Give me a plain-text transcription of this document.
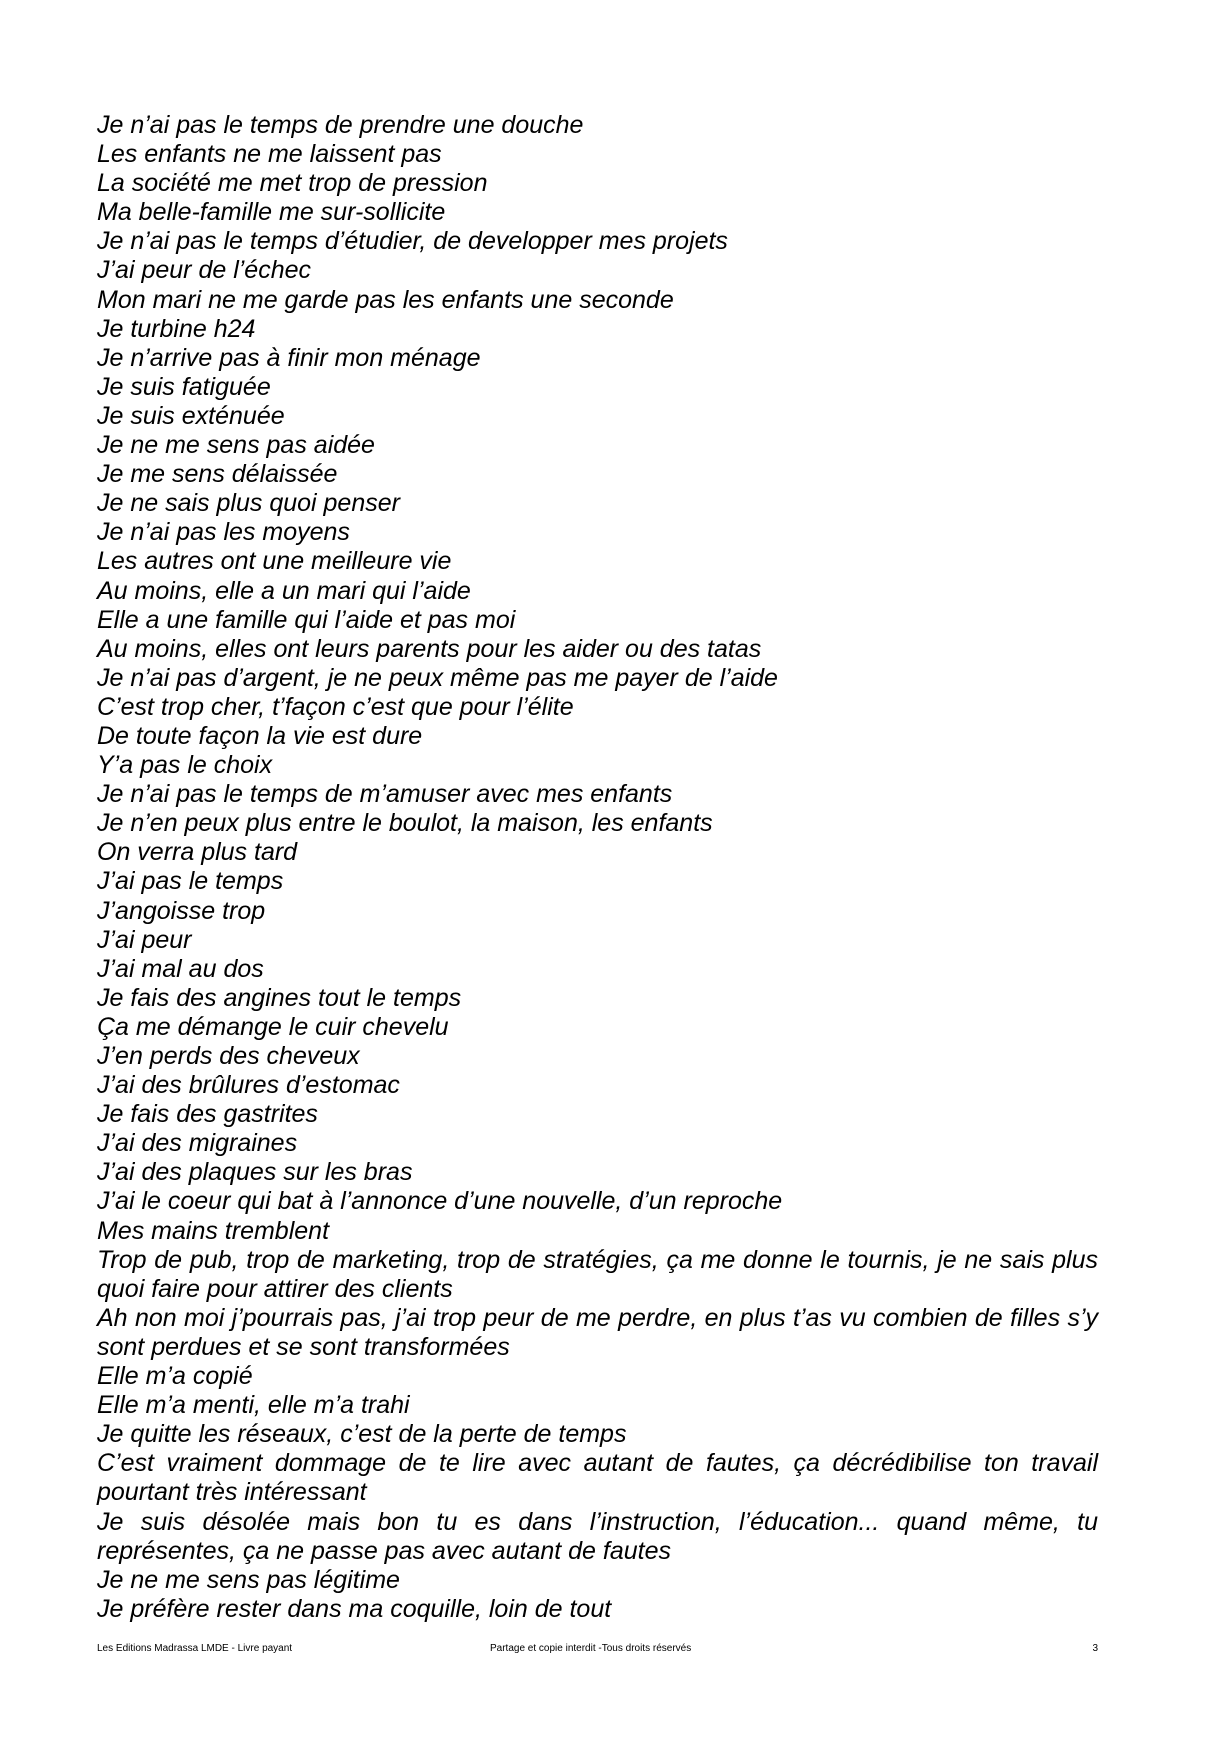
Je n’ai pas le temps de prendre une douche

Les enfants ne me laissent pas

La société me met trop de pression

Ma belle-famille me sur-sollicite

Je n’ai pas le temps d’étudier, de developper mes projets

J’ai peur de l’échec

Mon mari ne me garde pas les enfants une seconde

Je turbine h24

Je n’arrive pas à finir mon ménage

Je suis fatiguée

Je suis exténuée

Je ne me sens pas aidée

Je me sens délaissée

Je ne sais plus quoi penser

Je n’ai pas les moyens

Les autres ont une meilleure vie

Au moins, elle a un mari qui l’aide

Elle a une famille qui l’aide et pas moi

Au moins, elles ont leurs parents pour les aider ou des tatas

Je n’ai pas d’argent, je ne peux même pas me payer de l’aide

C’est trop cher, t’façon c’est que pour l’élite

De toute façon la vie est dure

Y’a pas le choix

Je n’ai pas le temps de m’amuser avec mes enfants

Je n’en peux plus entre le boulot, la maison, les enfants

On verra plus tard

J’ai pas le temps

J’angoisse trop

J’ai peur

J’ai mal au dos

Je fais des angines tout le temps

Ça me démange le cuir chevelu

J’en perds des cheveux

J’ai des brûlures d’estomac

Je fais des gastrites

J’ai des migraines

J’ai des plaques sur les bras

J’ai le coeur qui bat à l’annonce d’une nouvelle, d’un reproche

Mes mains tremblent

Trop de pub, trop de marketing, trop de stratégies, ça me donne le tournis, je ne sais plus quoi faire pour attirer des clients

Ah non moi j’pourrais pas, j’ai trop peur de me perdre, en plus t’as vu combien de filles s’y sont perdues et se sont transformées

Elle m’a copié

Elle m’a menti, elle m’a trahi

Je quitte les réseaux, c’est de la perte de temps

C’est vraiment dommage de te lire avec autant de fautes, ça décrédibilise ton travail pourtant très intéressant

Je suis désolée mais bon tu es dans l’instruction, l’éducation... quand même, tu représentes, ça ne passe pas avec autant de fautes

Je ne me sens pas légitime

Je préfère rester dans ma coquille, loin de tout

Les Editions Madrassa LMDE - Livre payant	Partage et copie interdit -Tous droits réservés	3
